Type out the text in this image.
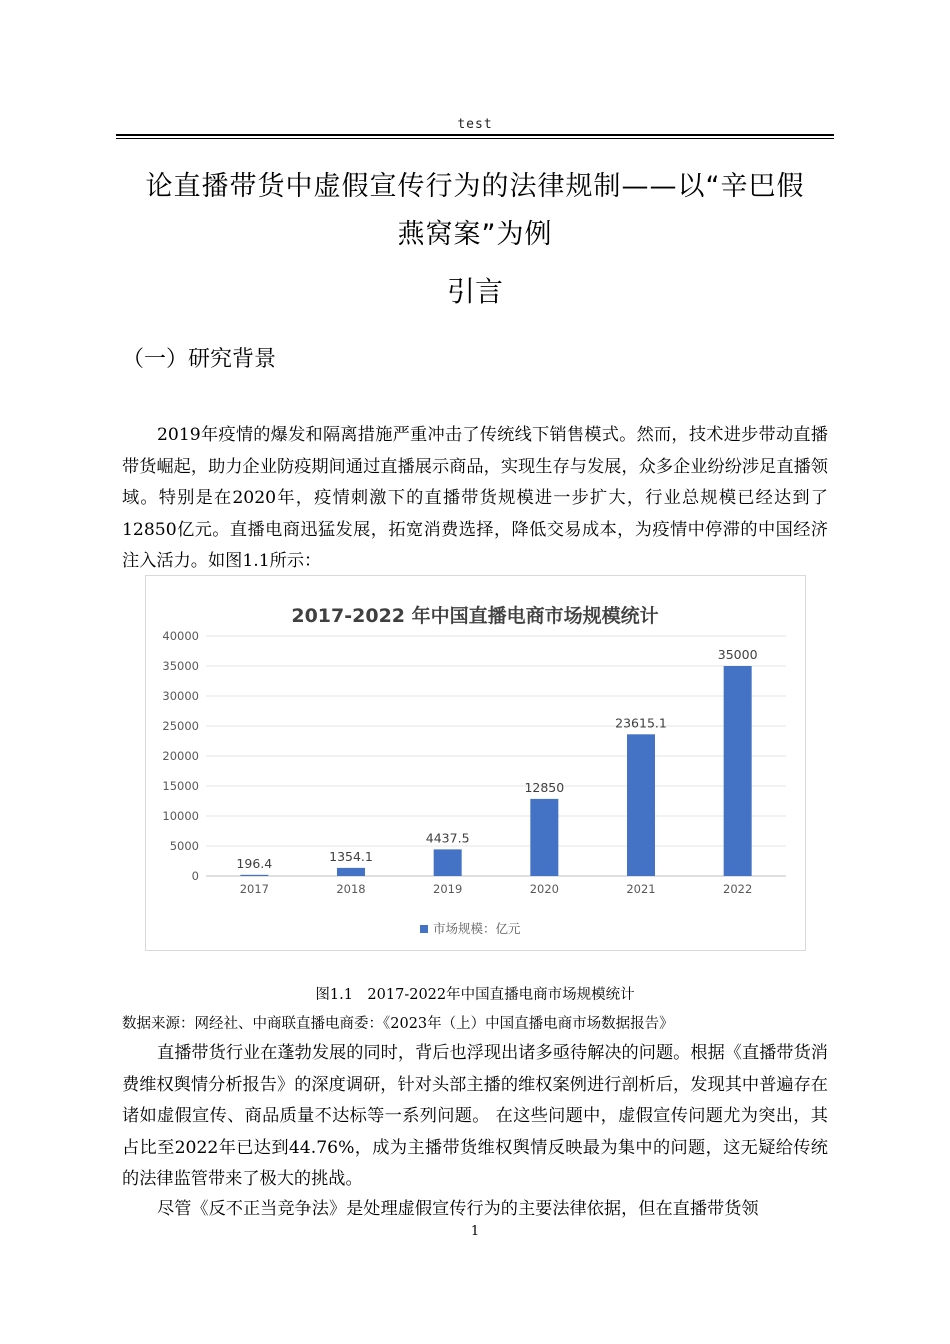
test
论直播带货中虚假宣传行为的法律规制——以“辛巴假
燕窝案”为例
引言
（一）研究背景

2019年疫情的爆发和隔离措施严重冲击了传统线下销售模式。然而，技术进步带动直播带货崛起，助力企业防疫期间通过直播展示商品，实现生存与发展，众多企业纷纷涉足直播领域。特别是在2020年，疫情刺激下的直播带货规模进一步扩大，行业总规模已经达到了12850亿元。直播电商迅猛发展，拓宽消费选择，降低交易成本，为疫情中停滞的中国经济注入活力。如图1.1所示：

2017-2022 年中国直播电商市场规模统计
0
5000
10000
15000
20000
25000
30000
35000
40000
196.4	1354.1
4437.5
12850
23615.1
35000
2017	2018	2019	2020	2021	2022
市场规模：亿元
图1.1　2017-2022年中国直播电商市场规模统计
数据来源：网经社、中商联直播电商委：《2023年（上）中国直播电商市场数据报告》

直播带货行业在蓬勃发展的同时，背后也浮现出诸多亟待解决的问题。根据《直播带货消费维权舆情分析报告》的深度调研，针对头部主播的维权案例进行剖析后，发现其中普遍存在诸如虚假宣传、商品质量不达标等一系列问题。 在这些问题中，虚假宣传问题尤为突出，其占比至2022年已达到44.76%，成为主播带货维权舆情反映最为集中的问题，这无疑给传统的法律监管带来了极大的挑战。

尽管《反不正当竞争法》是处理虚假宣传行为的主要法律依据，但在直播带货领

1
